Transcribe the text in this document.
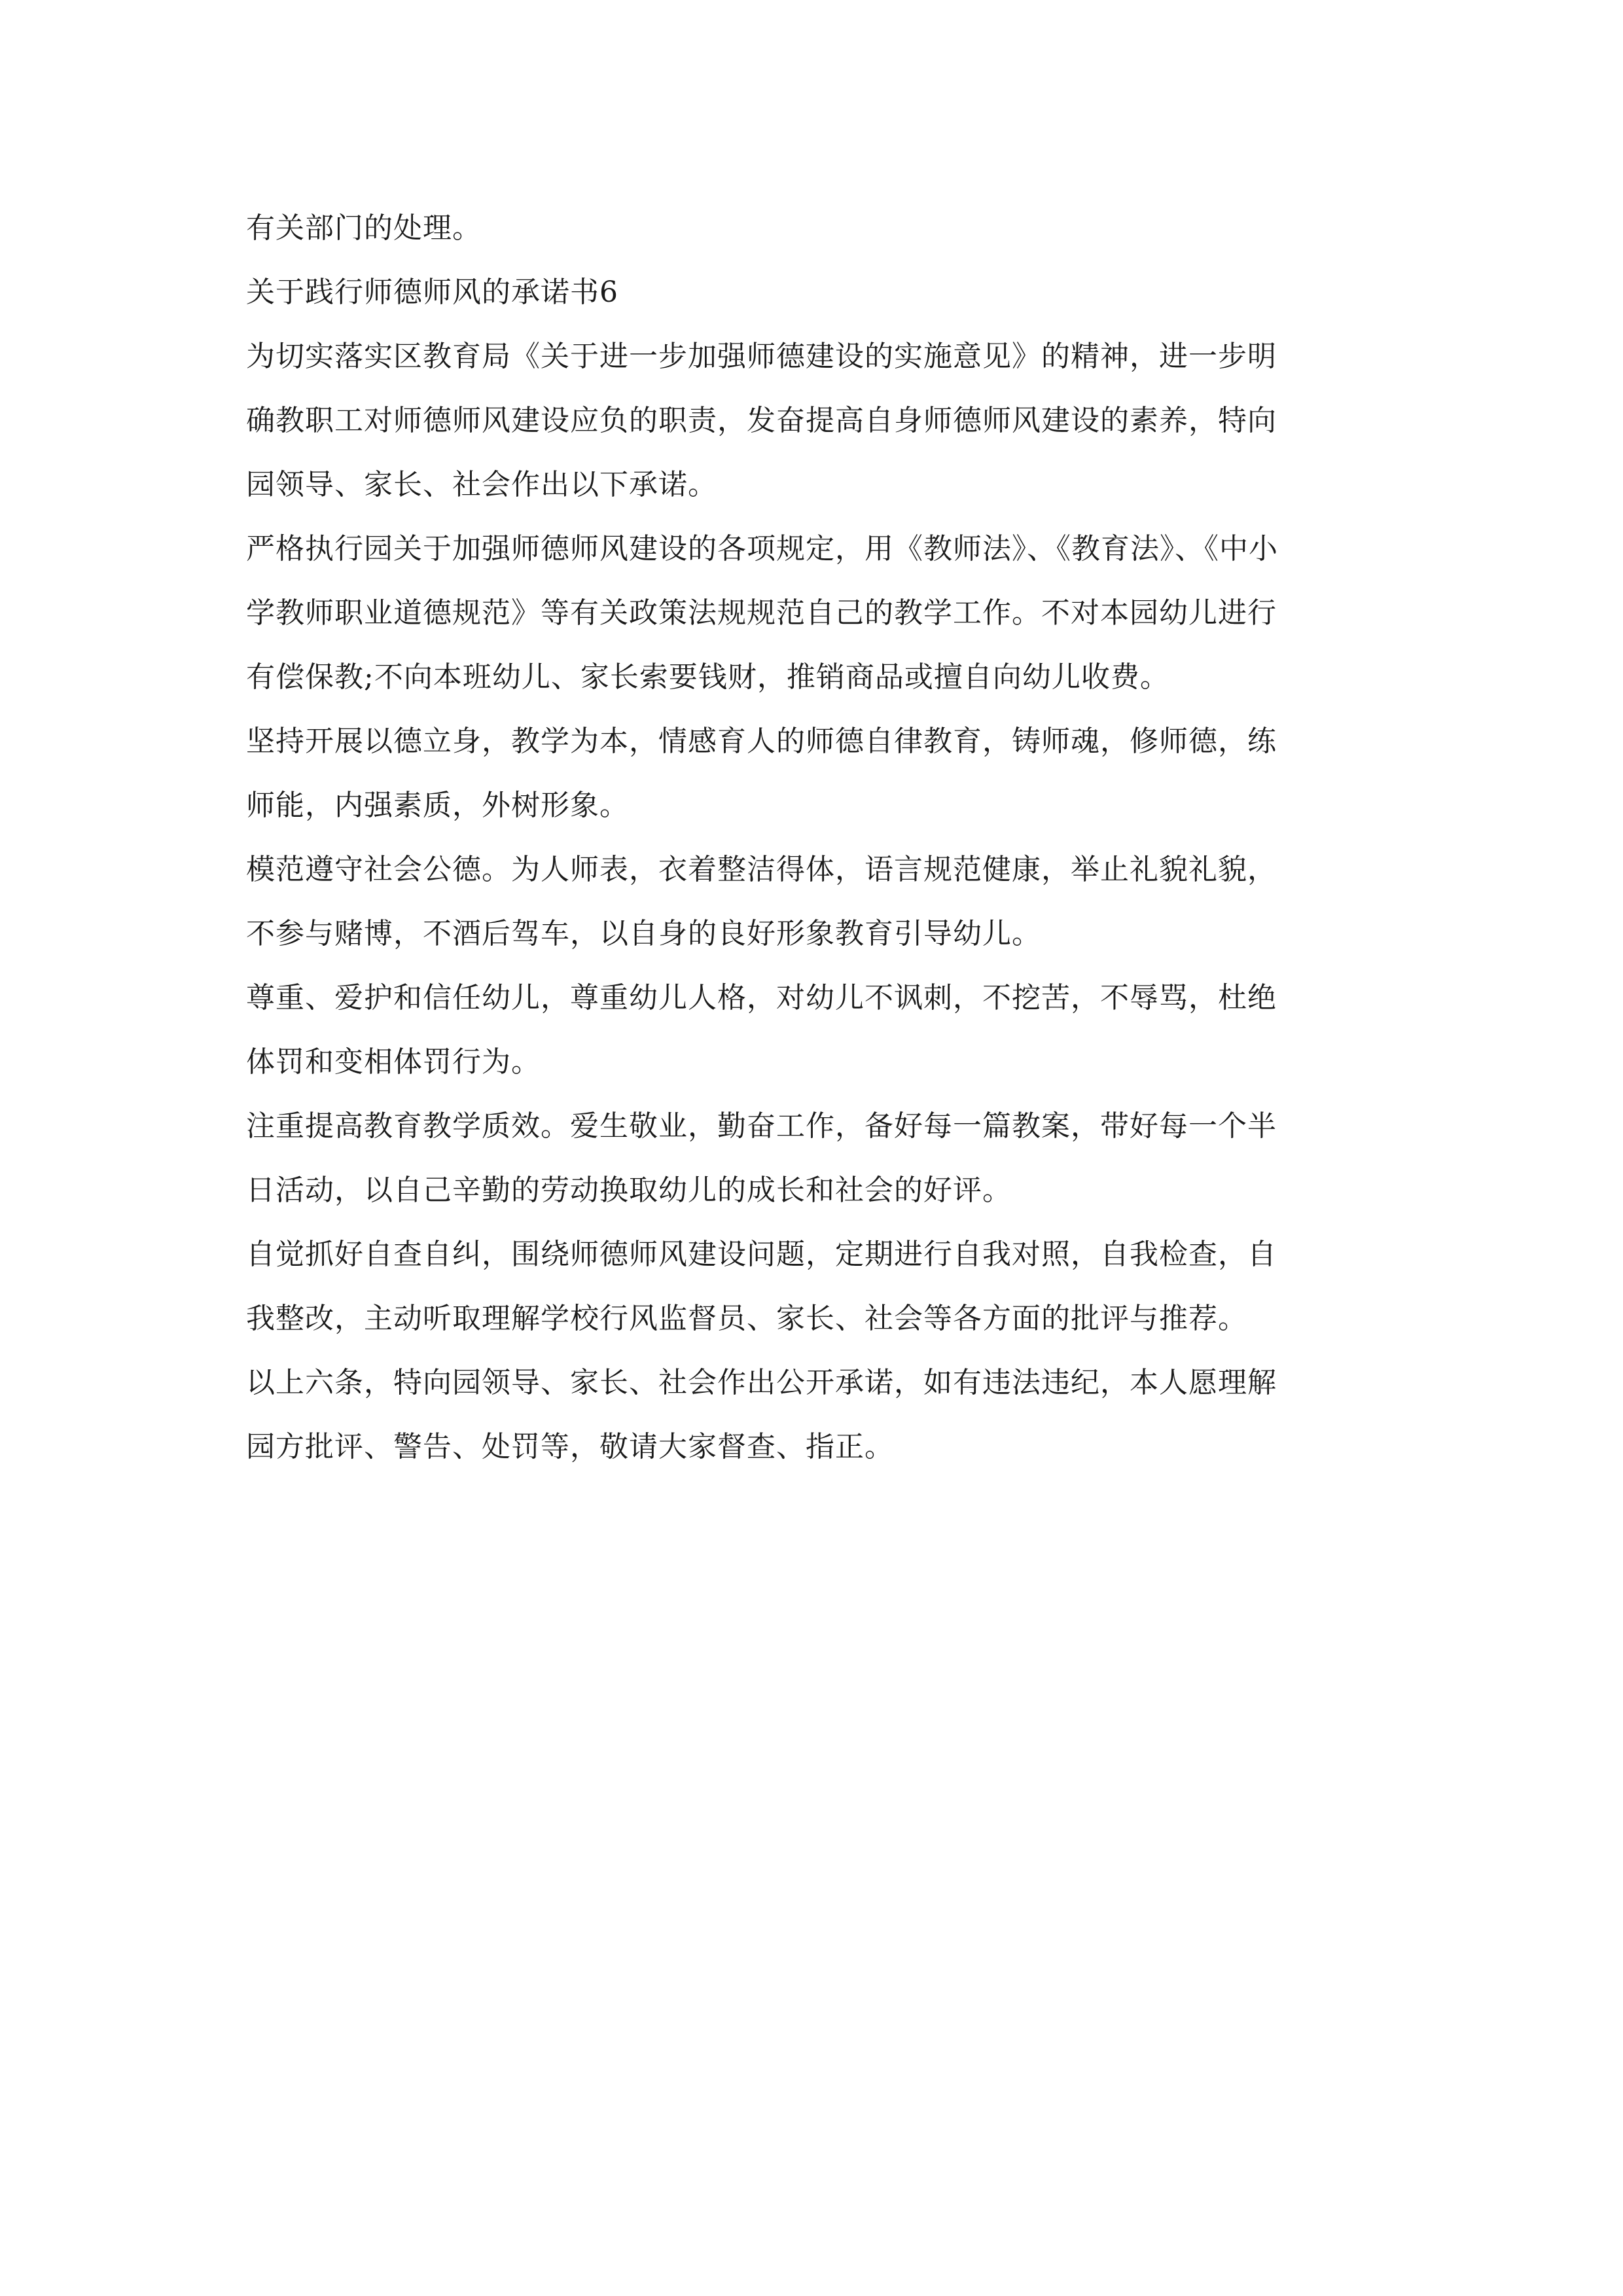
有关部门的处理。
关于践行师德师风的承诺书6
为切实落实区教育局《关于进一步加强师德建设的实施意见》的精神，进一步明
确教职工对师德师风建设应负的职责，发奋提高自身师德师风建设的素养，特向
园领导、家长、社会作出以下承诺。
严格执行园关于加强师德师风建设的各项规定，用《教师法》、《教育法》、《中小
学教师职业道德规范》等有关政策法规规范自己的教学工作。不对本园幼儿进行
有偿保教;不向本班幼儿、家长索要钱财，推销商品或擅自向幼儿收费。
坚持开展以德立身，教学为本，情感育人的师德自律教育，铸师魂，修师德，练
师能，内强素质，外树形象。
模范遵守社会公德。为人师表，衣着整洁得体，语言规范健康，举止礼貌礼貌，
不参与赌博，不酒后驾车，以自身的良好形象教育引导幼儿。
尊重、爱护和信任幼儿，尊重幼儿人格，对幼儿不讽刺，不挖苦，不辱骂，杜绝
体罚和变相体罚行为。
注重提高教育教学质效。爱生敬业，勤奋工作，备好每一篇教案，带好每一个半
日活动，以自己辛勤的劳动换取幼儿的成长和社会的好评。
自觉抓好自查自纠，围绕师德师风建设问题，定期进行自我对照，自我检查，自
我整改，主动听取理解学校行风监督员、家长、社会等各方面的批评与推荐。
以上六条，特向园领导、家长、社会作出公开承诺，如有违法违纪，本人愿理解
园方批评、警告、处罚等，敬请大家督查、指正。
